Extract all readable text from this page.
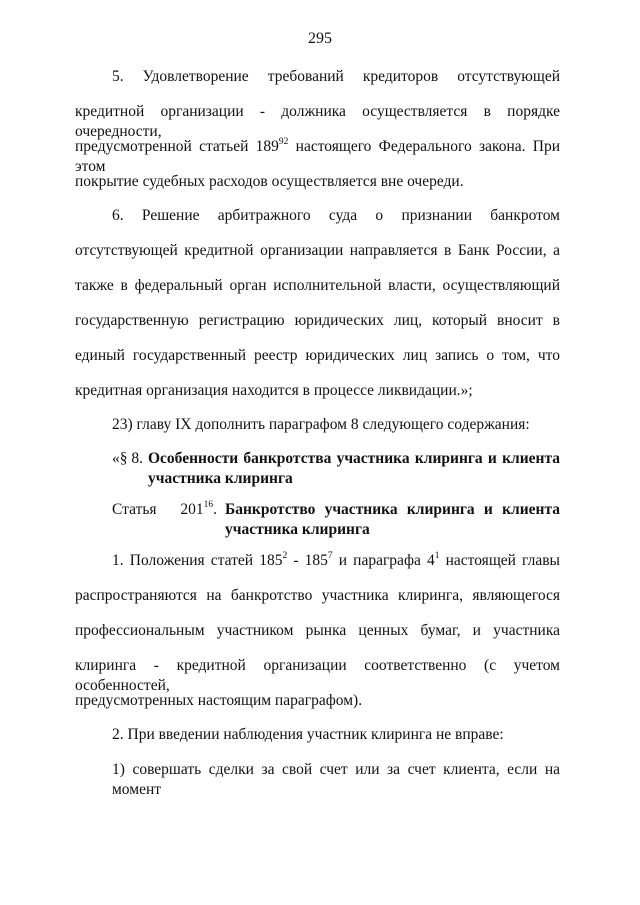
295
5. Удовлетворение требований кредиторов отсутствующей
кредитной организации - должника осуществляется в порядке очередности,
предусмотренной статьей $189^{92}$ настоящего Федерального закона. При этом
покрытие судебных расходов осуществляется вне очереди.
6. Решение арбитражного суда о признании банкротом
отсутствующей кредитной организации направляется в Банк России, а
также в федеральный орган исполнительной власти, осуществляющий
государственную регистрацию юридических лиц, который вносит в
единый государственный реестр юридических лиц запись о том, что
кредитная организация находится в процессе ликвидации.»;
23) главу IX дополнить параграфом 8 следующего содержания:
«§ 8. Особенности банкротства участника клиринга и клиента
участника клиринга
Статья $201^{16}$. Банкротство участника клиринга и клиента
участника клиринга
1. Положения статей $185^2 - 185^7$ и параграфа $4^1$ настоящей главы
распространяются на банкротство участника клиринга, являющегося
профессиональным участником рынка ценных бумаг, и участника
клиринга - кредитной организации соответственно (с учетом особенностей,
предусмотренных настоящим параграфом).
2. При введении наблюдения участник клиринга не вправе:
1) совершать сделки за свой счет или за счет клиента, если на момент
